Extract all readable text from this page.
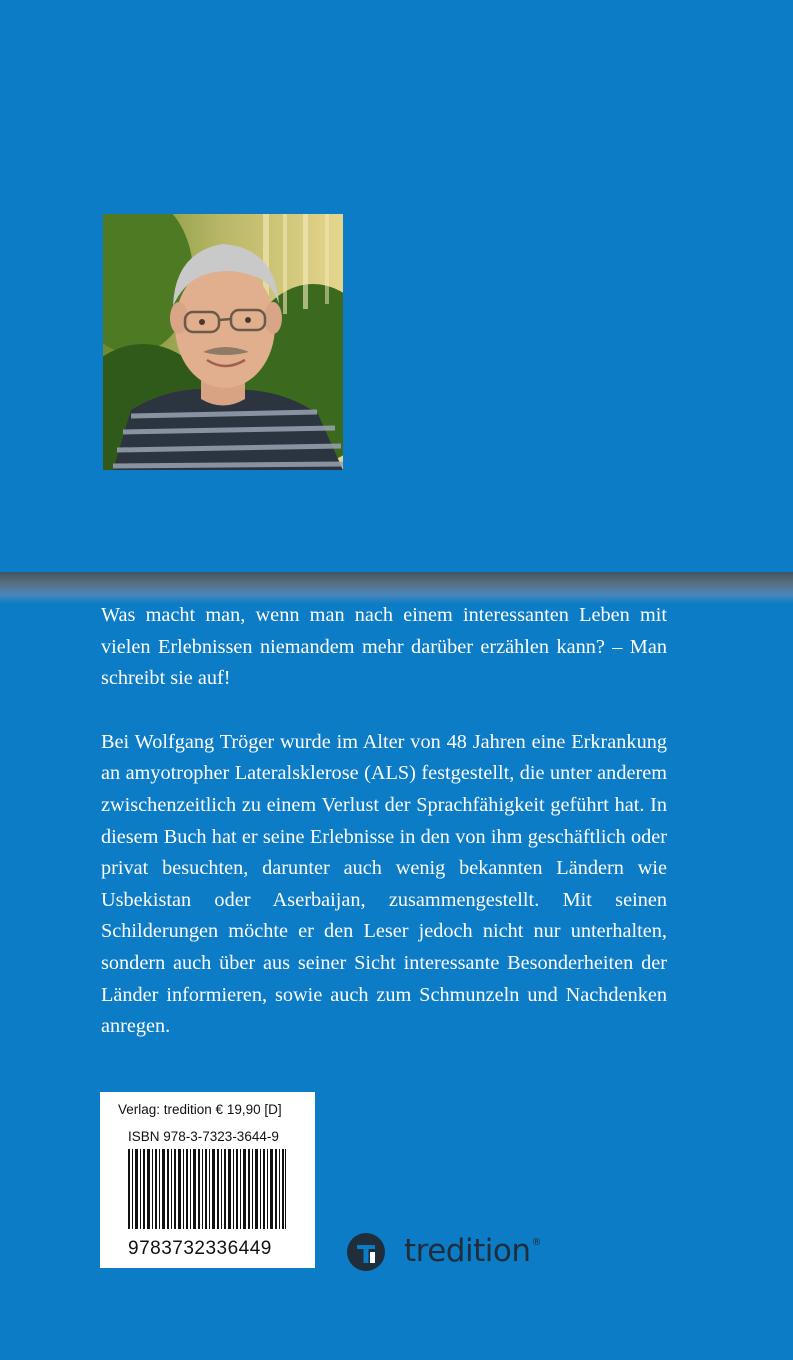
Was macht man, wenn man nach einem interessanten Leben mit vielen Erlebnissen niemandem mehr darüber erzählen kann? – Man schreibt sie auf!

Bei Wolfgang Tröger wurde im Alter von 48 Jahren eine Erkrankung an amyotropher Lateralsklerose (ALS) festgestellt, die unter anderem zwischenzeitlich zu einem Verlust der Sprachfähigkeit geführt hat. In diesem Buch hat er seine Erlebnisse in den von ihm geschäftlich oder privat besuchten, darunter auch wenig bekannten Ländern wie Usbekistan oder Aserbaijan, zusammengestellt. Mit seinen Schilderungen möchte er den Leser jedoch nicht nur unterhalten, sondern auch über aus seiner Sicht interessante Besonderheiten der Länder informieren, sowie auch zum Schmunzeln und Nachdenken anregen.

Verlag: tredition € 19,90 [D]
ISBN 978-3-7323-3644-9
9783732336449	tredition®
